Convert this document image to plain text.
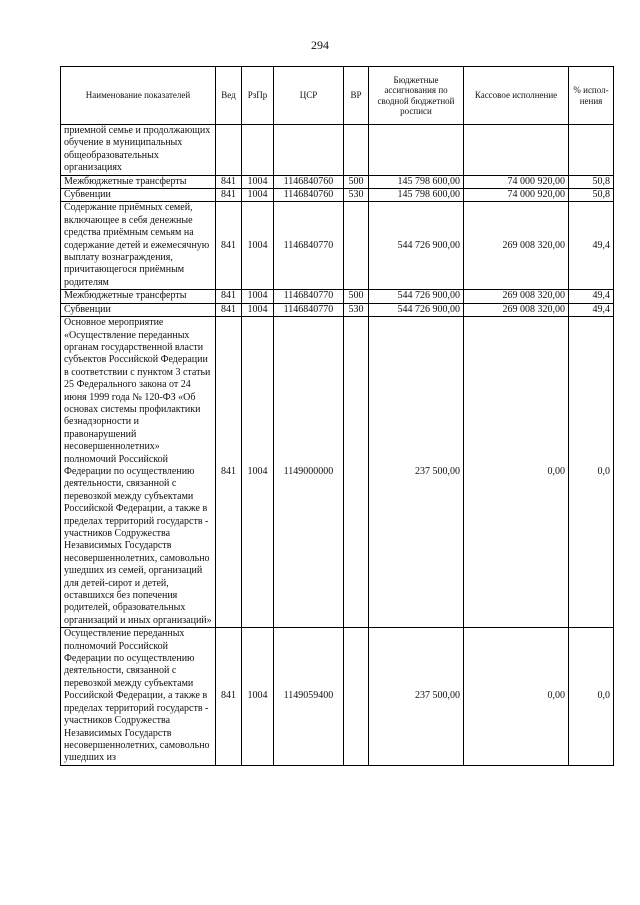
294
Наименование показателей	Вед	РзПр	ЦСР	ВР	Бюджетные ассигнования по сводной бюджетной росписи	Кассовое исполнение	% испол-нения
приемной семье и продолжающих обучение в муниципальных общеобразовательных организациях							
Межбюджетные трансферты	841	1004	1146840760	500	145 798 600,00	74 000 920,00	50,8
Субвенции	841	1004	1146840760	530	145 798 600,00	74 000 920,00	50,8
Содержание приёмных семей, включающее в себя денежные средства приёмным семьям на содержание детей и ежемесячную выплату вознаграждения, причитающегося приёмным родителям	841	1004	1146840770		544 726 900,00	269 008 320,00	49,4
Межбюджетные трансферты	841	1004	1146840770	500	544 726 900,00	269 008 320,00	49,4
Субвенции	841	1004	1146840770	530	544 726 900,00	269 008 320,00	49,4
Основное мероприятие «Осуществление переданных органам государственной власти субъектов Российской Федерации в соответствии с пунктом 3 статьи 25 Федерального закона от 24 июня 1999 года № 120-ФЗ «Об основах системы профилактики безнадзорности и правонарушений несовершеннолетних» полномочий Российской Федерации по осуществлению деятельности, связанной с перевозкой между субъектами Российской Федерации, а также в пределах территорий государств - участников Содружества Независимых Государств несовершеннолетних, самовольно ушедших из семей, организаций для детей-сирот и детей, оставшихся без попечения родителей, образовательных организаций и иных организаций»	841	1004	1149000000		237 500,00	0,00	0,0
Осуществление переданных полномочий Российской Федерации по осуществлению деятельности, связанной с перевозкой между субъектами Российской Федерации, а также в пределах территорий государств - участников Содружества Независимых Государств несовершеннолетних, самовольно ушедших из	841	1004	1149059400		237 500,00	0,00	0,0
